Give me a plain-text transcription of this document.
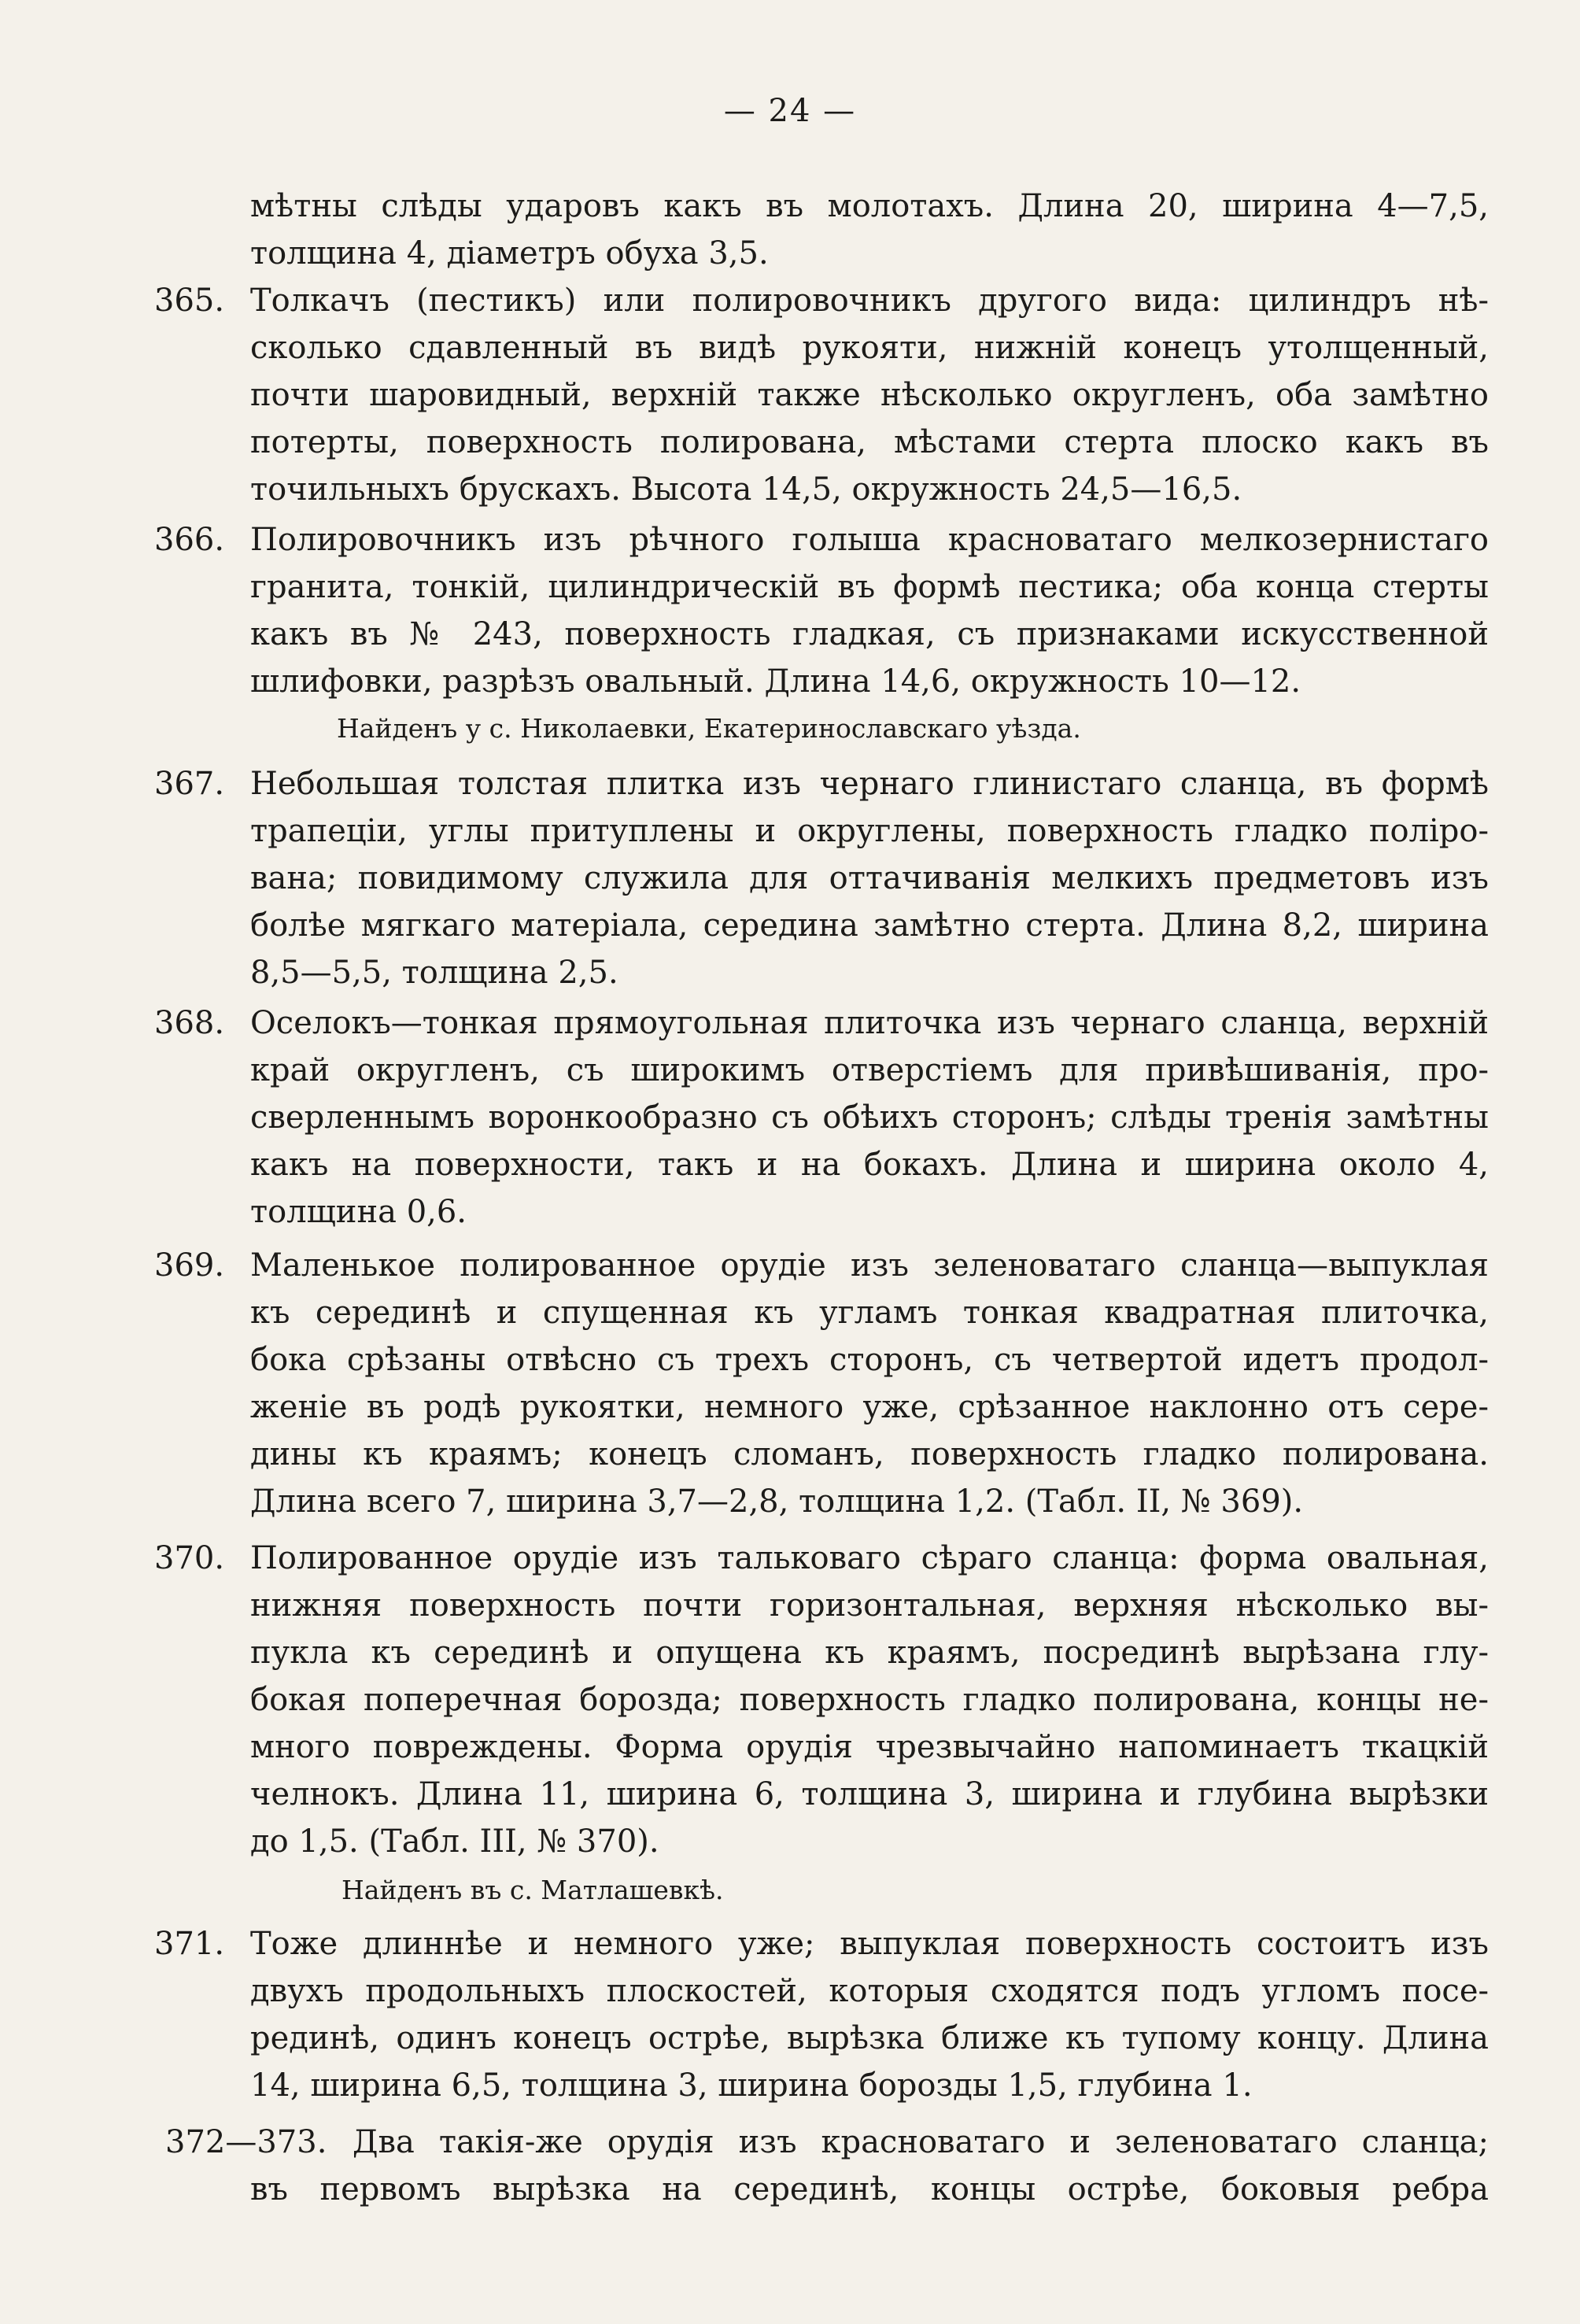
— 24 —
мѣтны слѣды ударовъ какъ въ молотахъ. Длина 20, ширина 4—7,5,
толщина 4, діаметръ обуха 3,5.
365. Толкачъ (пестикъ) или полировочникъ другого вида: цилиндръ нѣ-
сколько сдавленный въ видѣ рукояти, нижній конецъ утолщенный,
почти шаровидный, верхній также нѣсколько округленъ, оба замѣтно
потерты, поверхность полирована, мѣстами стерта плоско какъ въ
точильныхъ брускахъ. Высота 14,5, окружность 24,5—16,5.
366. Полировочникъ изъ рѣчного голыша красноватаго мелкозернистаго
гранита, тонкій, цилиндрическій въ формѣ пестика; оба конца стерты
какъ въ № 243, поверхность гладкая, съ признаками искусственной
шлифовки, разрѣзъ овальный. Длина 14,6, окружность 10—12.
Найденъ у с. Николаевки, Екатеринославскаго уѣзда.
367. Небольшая толстая плитка изъ чернаго глинистаго сланца, въ формѣ
трапеціи, углы притуплены и округлены, поверхность гладко поліро-
вана; повидимому служила для оттачиванія мелкихъ предметовъ изъ
болѣе мягкаго матеріала, середина замѣтно стерта. Длина 8,2, ширина
8,5—5,5, толщина 2,5.
368. Оселокъ—тонкая прямоугольная плиточка изъ чернаго сланца, верхній
край округленъ, съ широкимъ отверстіемъ для привѣшиванія, про-
сверленнымъ воронкообразно съ обѣихъ сторонъ; слѣды тренія замѣтны
какъ на поверхности, такъ и на бокахъ. Длина и ширина около 4,
толщина 0,6.
369. Маленькое полированное орудіе изъ зеленоватаго сланца—выпуклая
къ серединѣ и спущенная къ угламъ тонкая квадратная плиточка,
бока срѣзаны отвѣсно съ трехъ сторонъ, съ четвертой идетъ продол-
женіе въ родѣ рукоятки, немного уже, срѣзанное наклонно отъ сере-
дины къ краямъ; конецъ сломанъ, поверхность гладко полирована.
Длина всего 7, ширина 3,7—2,8, толщина 1,2. (Табл. II, № 369).
370. Полированное орудіе изъ тальковаго сѣраго сланца: форма овальная,
нижняя поверхность почти горизонтальная, верхняя нѣсколько вы-
пукла къ серединѣ и опущена къ краямъ, посрединѣ вырѣзана глу-
бокая поперечная борозда; поверхность гладко полирована, концы не-
много повреждены. Форма орудія чрезвычайно напоминаетъ ткацкій
челнокъ. Длина 11, ширина 6, толщина 3, ширина и глубина вырѣзки
до 1,5. (Табл. III, № 370).
Найденъ въ с. Матлашевкѣ.
371. Тоже длиннѣе и немного уже; выпуклая поверхность состоитъ изъ
двухъ продольныхъ плоскостей, которыя сходятся подъ угломъ посе-
рединѣ, одинъ конецъ острѣе, вырѣзка ближе къ тупому концу. Длина
14, ширина 6,5, толщина 3, ширина борозды 1,5, глубина 1.
372—373. Два такія-же орудія изъ красноватаго и зеленоватаго сланца;
въ первомъ вырѣзка на серединѣ, концы острѣе, боковыя ребра
